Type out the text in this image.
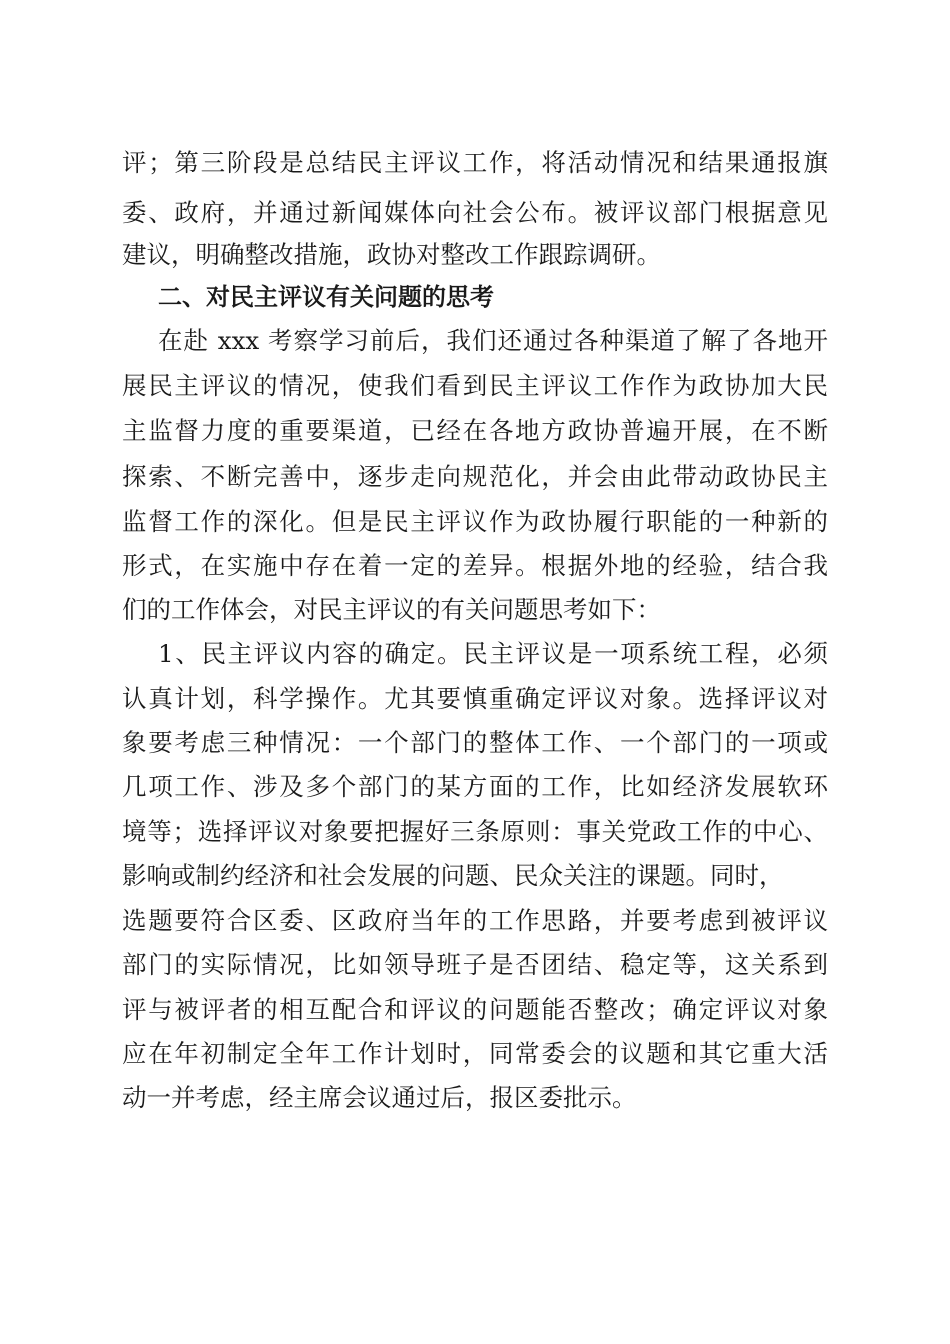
评；第三阶段是总结民主评议工作，将活动情况和结果通报旗
委、政府，并通过新闻媒体向社会公布。被评议部门根据意见
建议，明确整改措施，政协对整改工作跟踪调研。
二、对民主评议有关问题的思考
在赴 xxx 考察学习前后，我们还通过各种渠道了解了各地开
展民主评议的情况，使我们看到民主评议工作作为政协加大民
主监督力度的重要渠道，已经在各地方政协普遍开展，在不断
探索、不断完善中，逐步走向规范化，并会由此带动政协民主
监督工作的深化。但是民主评议作为政协履行职能的一种新的
形式，在实施中存在着一定的差异。根据外地的经验，结合我
们的工作体会，对民主评议的有关问题思考如下：
1、民主评议内容的确定。民主评议是一项系统工程，必须
认真计划，科学操作。尤其要慎重确定评议对象。选择评议对
象要考虑三种情况：一个部门的整体工作、一个部门的一项或
几项工作、涉及多个部门的某方面的工作，比如经济发展软环
境等；选择评议对象要把握好三条原则：事关党政工作的中心、
影响或制约经济和社会发展的问题、民众关注的课题。同时，
选题要符合区委、区政府当年的工作思路，并要考虑到被评议
部门的实际情况，比如领导班子是否团结、稳定等，这关系到
评与被评者的相互配合和评议的问题能否整改；确定评议对象
应在年初制定全年工作计划时，同常委会的议题和其它重大活
动一并考虑，经主席会议通过后，报区委批示。
